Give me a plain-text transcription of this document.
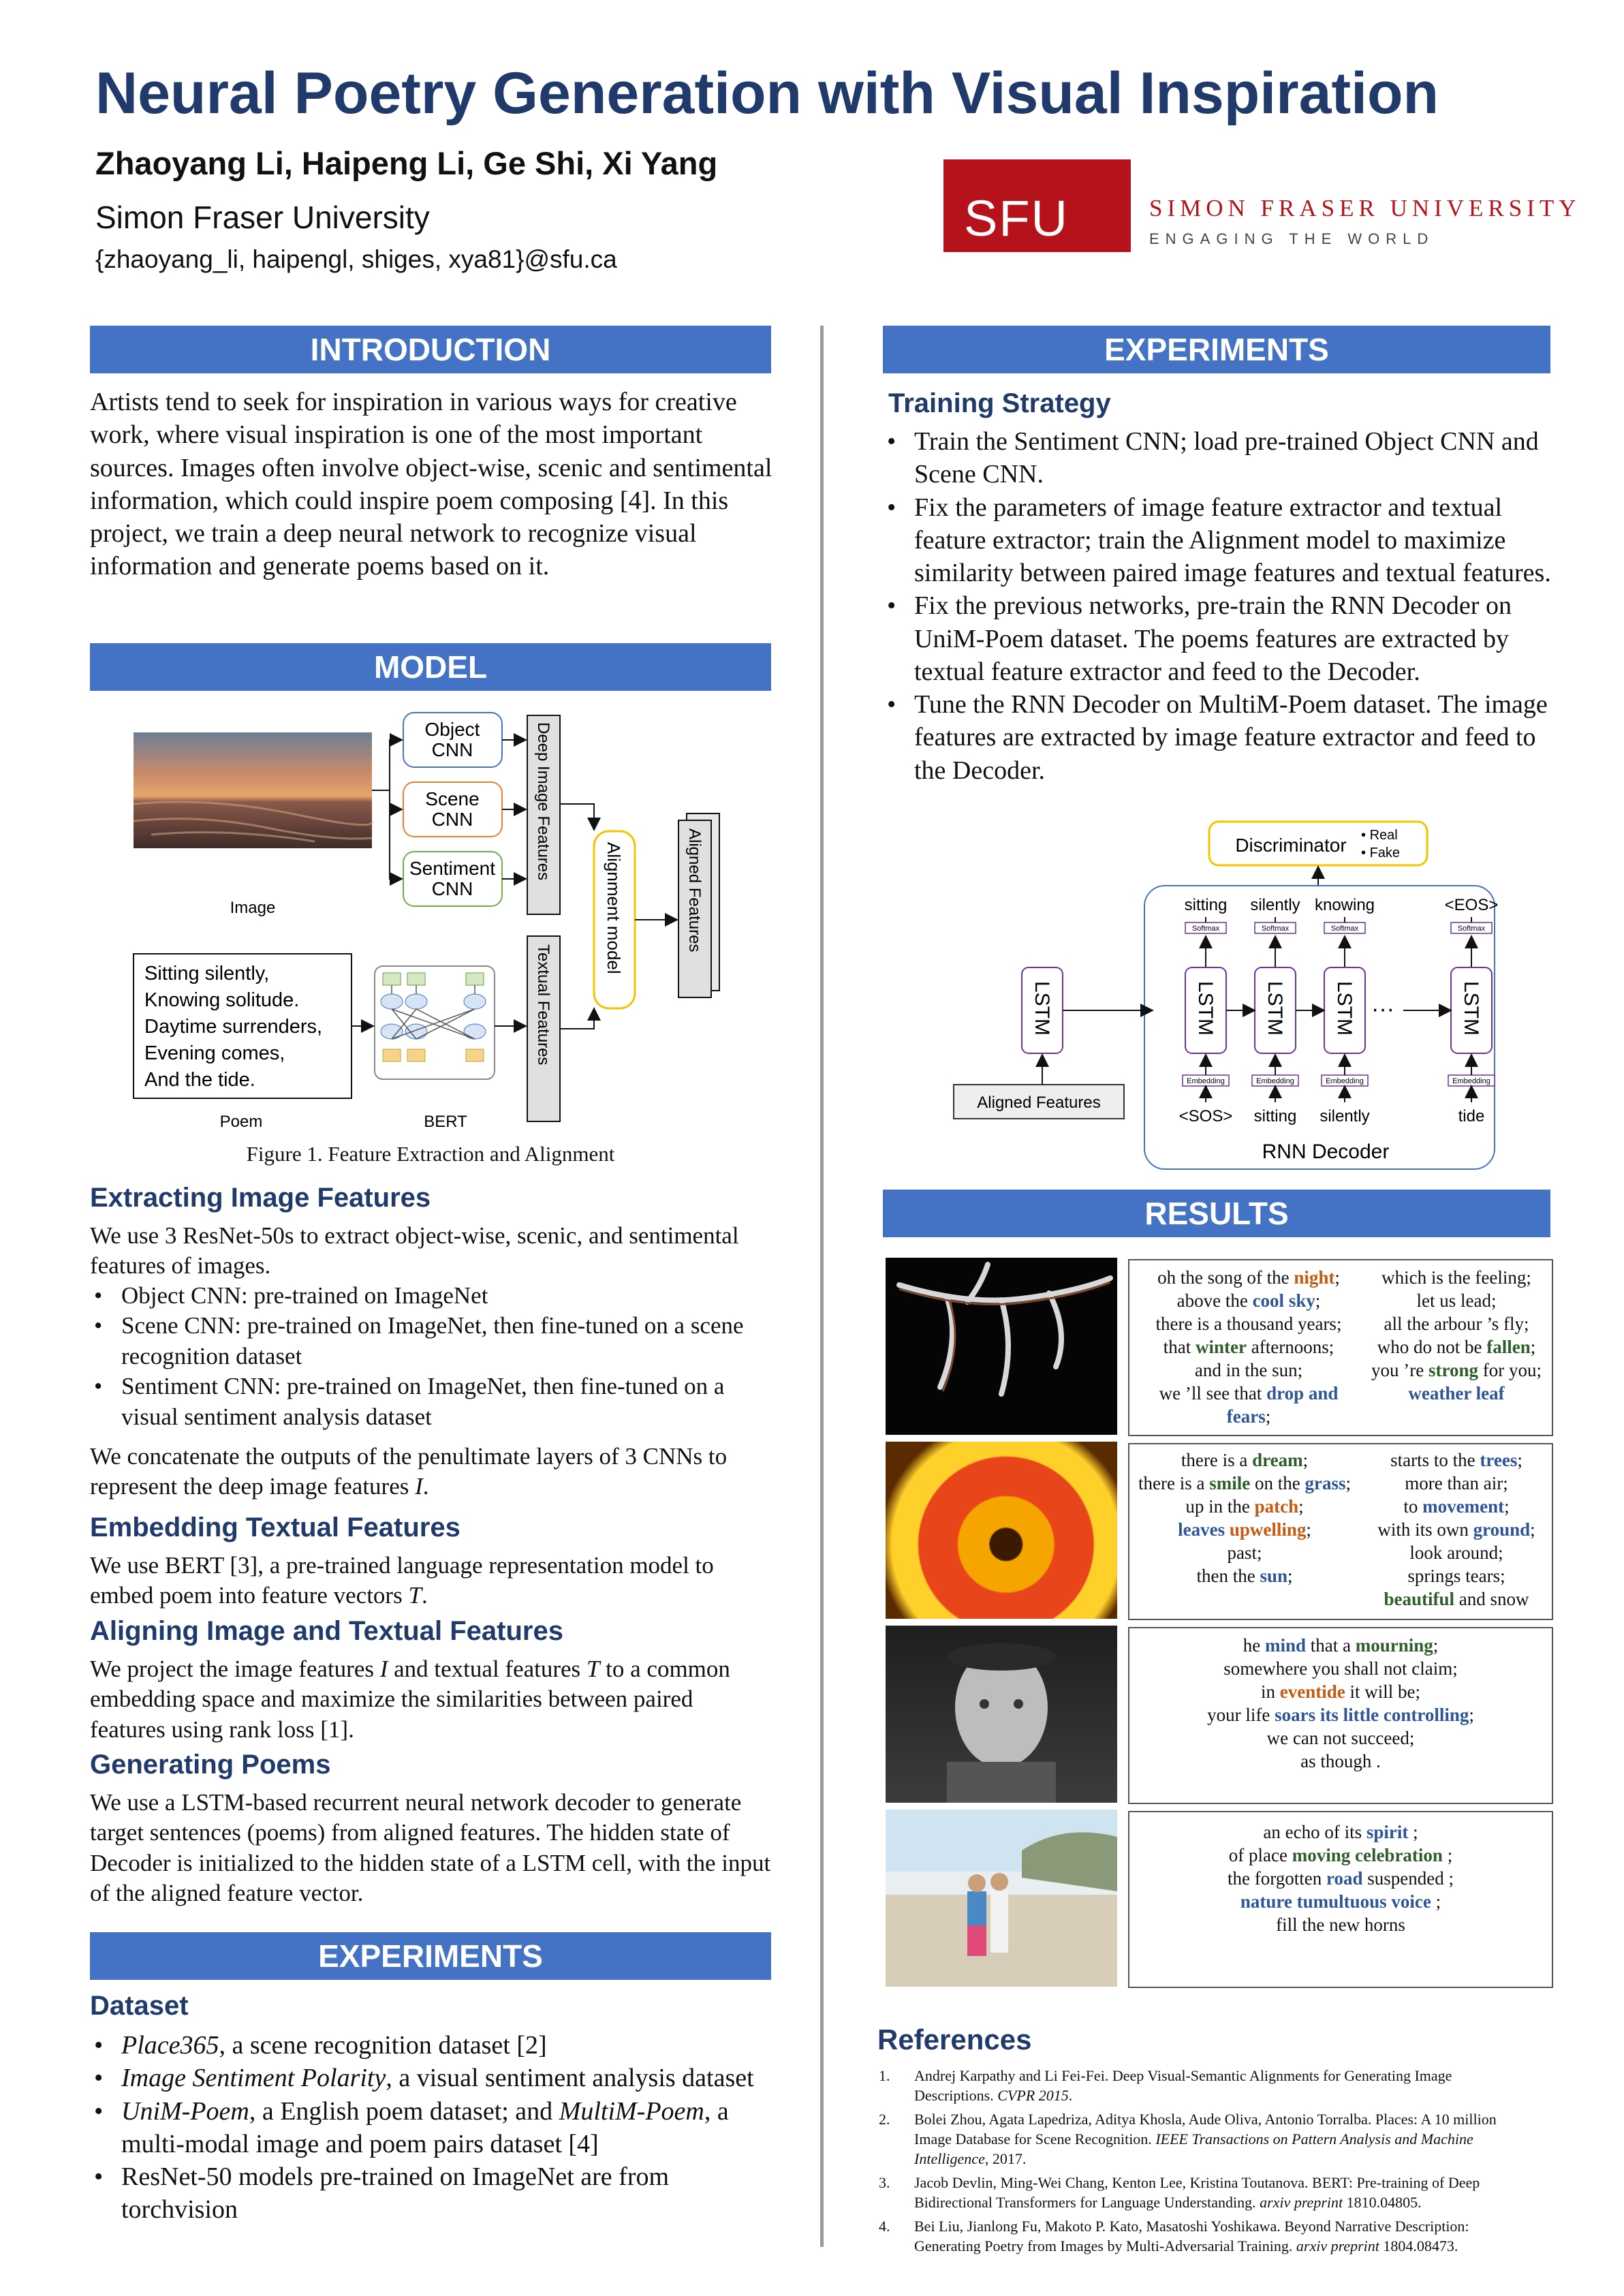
Neural Poetry Generation with Visual Inspiration
Zhaoyang Li, Haipeng Li, Ge Shi, Xi Yang
Simon Fraser University
{zhaoyang_li, haipengl, shiges, xya81}@sfu.ca
SFU	SIMON FRASER UNIVERSITY
ENGAGING THE WORLD
INTRODUCTION
Artists tend to seek for inspiration in various ways for creative work, where visual inspiration is one of the most important sources. Images often involve object-wise, scenic and sentimental information, which could inspire poem composing [4]. In this project, we train a deep neural network to recognize visual information and generate poems based on it.
MODEL
Image
Object CNN
Scene CNN
Sentiment CNN
Deep Image Features
Textual Features
Alignment model	Aligned Features
Sitting silently,
Knowing solitude.
Daytime surrenders,
Evening comes,
And the tide.
Poem	BERT
Figure 1. Feature Extraction and Alignment
Extracting Image Features
We use 3 ResNet-50s to extract object-wise, scenic, and sentimental features of images.
• Object CNN: pre-trained on ImageNet
• Scene CNN: pre-trained on ImageNet, then fine-tuned on a scene recognition dataset
• Sentiment CNN: pre-trained on ImageNet, then fine-tuned on a visual sentiment analysis dataset
We concatenate the outputs of the penultimate layers of 3 CNNs to represent the deep image features I.
Embedding Textual Features
We use BERT [3], a pre-trained language representation model to embed poem into feature vectors T.
Aligning Image and Textual Features
We project the image features I and textual features T to a common embedding space and maximize the similarities between paired features using rank loss [1].
Generating Poems
We use a LSTM-based recurrent neural network decoder to generate target sentences (poems) from aligned features. The hidden state of Decoder is initialized to the hidden state of a LSTM cell, with the input of the aligned feature vector.
EXPERIMENTS
Dataset
• Place365, a scene recognition dataset [2]
• Image Sentiment Polarity, a visual sentiment analysis dataset
• UniM-Poem, a English poem dataset; and MultiM-Poem, a multi-modal image and poem pairs dataset [4]
• ResNet-50 models pre-trained on ImageNet are from torchvision
EXPERIMENTS
Training Strategy
• Train the Sentiment CNN; load pre-trained Object CNN and Scene CNN.
• Fix the parameters of image feature extractor and textual feature extractor; train the Alignment model to maximize similarity between paired image features and textual features.
• Fix the previous networks, pre-train the RNN Decoder on UniM-Poem dataset. The poems features are extracted by textual feature extractor and feed to the Decoder.
• Tune the RNN Decoder on MultiM-Poem dataset. The image features are extracted by image feature extractor and feed to the Decoder.
Discriminator • Real
• Fake
RNN Decoder
LSTM
Aligned Features
sitting
Softmax
LSTM
Embedding
<SOS>
silently
Softmax
LSTM
Embedding
sitting
knowing
Softmax
LSTM
Embedding
silently
<EOS>
Softmax
LSTM
Embedding
tide
···
RESULTS
oh the song of the night;
above the cool sky;
there is a thousand years;
that winter afternoons;
and in the sun;
we ’ll see that drop and fears;
which is the feeling;
let us lead;
all the arbour ’s fly;
who do not be fallen;
you ’re strong for you;
weather leaf
there is a dream;
there is a smile on the grass;
up in the patch;
leaves upwelling;
past;
then the sun;
starts to the trees;
more than air;
to movement;
with its own ground;
look around;
springs tears;
beautiful and snow
he mind that a mourning;
somewhere you shall not claim;
in eventide it will be;
your life soars its little controlling;
we can not succeed;
as though .
an echo of its spirit ;
of place moving celebration ;
the forgotten road suspended ;
nature tumultuous voice ;
fill the new horns
References
1. Andrej Karpathy and Li Fei-Fei. Deep Visual-Semantic Alignments for Generating Image Descriptions. CVPR 2015.
2. Bolei Zhou, Agata Lapedriza, Aditya Khosla, Aude Oliva, Antonio Torralba. Places: A 10 million Image Database for Scene Recognition. IEEE Transactions on Pattern Analysis and Machine Intelligence, 2017.
3. Jacob Devlin, Ming-Wei Chang, Kenton Lee, Kristina Toutanova. BERT: Pre-training of Deep Bidirectional Transformers for Language Understanding. arxiv preprint 1810.04805.
4. Bei Liu, Jianlong Fu, Makoto P. Kato, Masatoshi Yoshikawa. Beyond Narrative Description: Generating Poetry from Images by Multi-Adversarial Training. arxiv preprint 1804.08473.
